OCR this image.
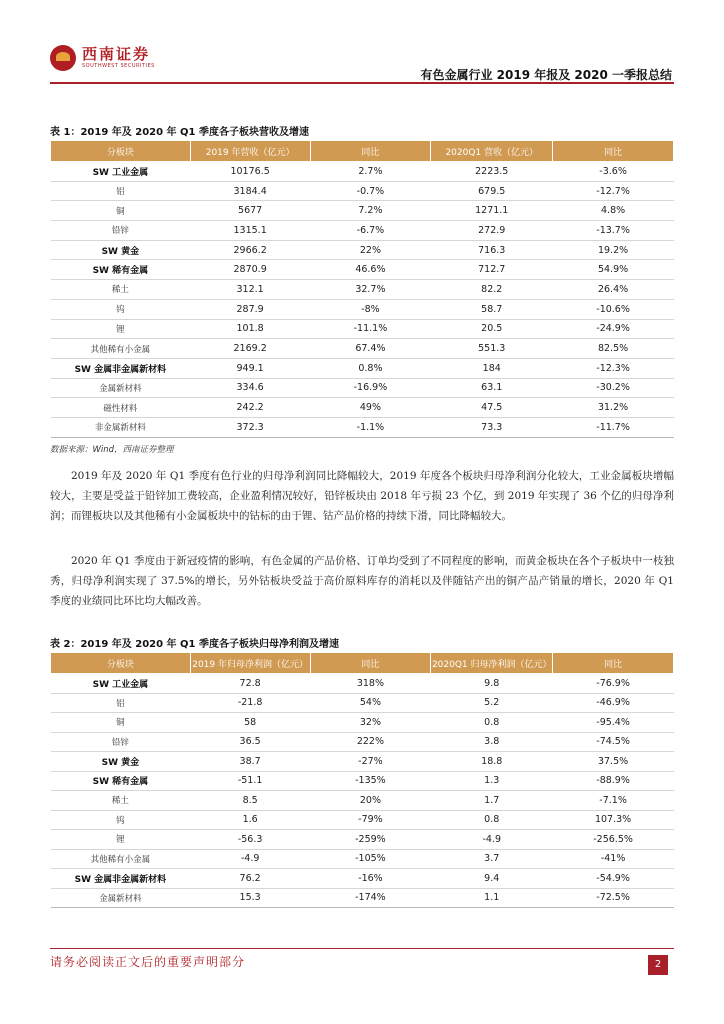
西南证券
SOUTHWEST SECURITIES
有色金属行业 2019 年报及 2020 一季报总结
表 1：2019 年及 2020 年 Q1 季度各子板块营收及增速
分板块	2019 年营收（亿元）	同比	2020Q1 营收（亿元）	同比
SW 工业金属	10176.5	2.7%	2223.5	-3.6%
铝	3184.4	-0.7%	679.5	-12.7%
铜	5677	7.2%	1271.1	4.8%
铅锌	1315.1	-6.7%	272.9	-13.7%
SW 黄金	2966.2	22%	716.3	19.2%
SW 稀有金属	2870.9	46.6%	712.7	54.9%
稀土	312.1	32.7%	82.2	26.4%
钨	287.9	-8%	58.7	-10.6%
锂	101.8	-11.1%	20.5	-24.9%
其他稀有小金属	2169.2	67.4%	551.3	82.5%
SW 金属非金属新材料	949.1	0.8%	184	-12.3%
金属新材料	334.6	-16.9%	63.1	-30.2%
磁性材料	242.2	49%	47.5	31.2%
非金属新材料	372.3	-1.1%	73.3	-11.7%
数据来源：Wind，西南证券整理
2019 年及 2020 年 Q1 季度有色行业的归母净利润同比降幅较大，2019 年度各个板块归母净利润分化较大，工业金属板块增幅较大，主要是受益于铅锌加工费较高，企业盈利情况较好，铅锌板块由 2018 年亏损 23 个亿，到 2019 年实现了 36 个亿的归母净利润；而锂板块以及其他稀有小金属板块中的钴标的由于锂、钴产品价格的持续下滑，同比降幅较大。
2020 年 Q1 季度由于新冠疫情的影响，有色金属的产品价格、订单均受到了不同程度的影响，而黄金板块在各个子板块中一枝独秀，归母净利润实现了 37.5%的增长，另外钴板块受益于高价原料库存的消耗以及伴随钴产出的铜产品产销量的增长，2020 年 Q1 季度的业绩同比环比均大幅改善。
表 2：2019 年及 2020 年 Q1 季度各子板块归母净利润及增速
分板块	2019 年归母净利润（亿元）	同比	2020Q1 归母净利润（亿元）	同比
SW 工业金属	72.8	318%	9.8	-76.9%
铝	-21.8	54%	5.2	-46.9%
铜	58	32%	0.8	-95.4%
铅锌	36.5	222%	3.8	-74.5%
SW 黄金	38.7	-27%	18.8	37.5%
SW 稀有金属	-51.1	-135%	1.3	-88.9%
稀土	8.5	20%	1.7	-7.1%
钨	1.6	-79%	0.8	107.3%
锂	-56.3	-259%	-4.9	-256.5%
其他稀有小金属	-4.9	-105%	3.7	-41%
SW 金属非金属新材料	76.2	-16%	9.4	-54.9%
金属新材料	15.3	-174%	1.1	-72.5%
请务必阅读正文后的重要声明部分	2
